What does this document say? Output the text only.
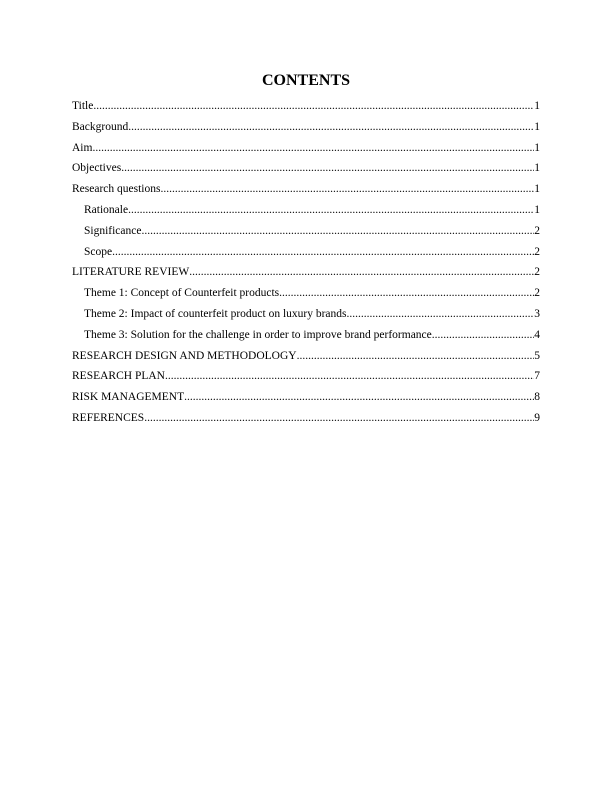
CONTENTS
Title .....	1
Background .....	1
Aim .....	1
Objectives .....	1
Research questions .....	1
Rationale .....	1
Significance .....	2
Scope .....	2
LITERATURE REVIEW .....	2
Theme 1: Concept of Counterfeit products .....	2
Theme 2: Impact of counterfeit product on luxury brands .....	3
Theme 3: Solution for the challenge in order to improve brand performance .....	4
RESEARCH DESIGN AND METHODOLOGY .....	5
RESEARCH PLAN .....	7
RISK MANAGEMENT .....	8
REFERENCES .....	9
